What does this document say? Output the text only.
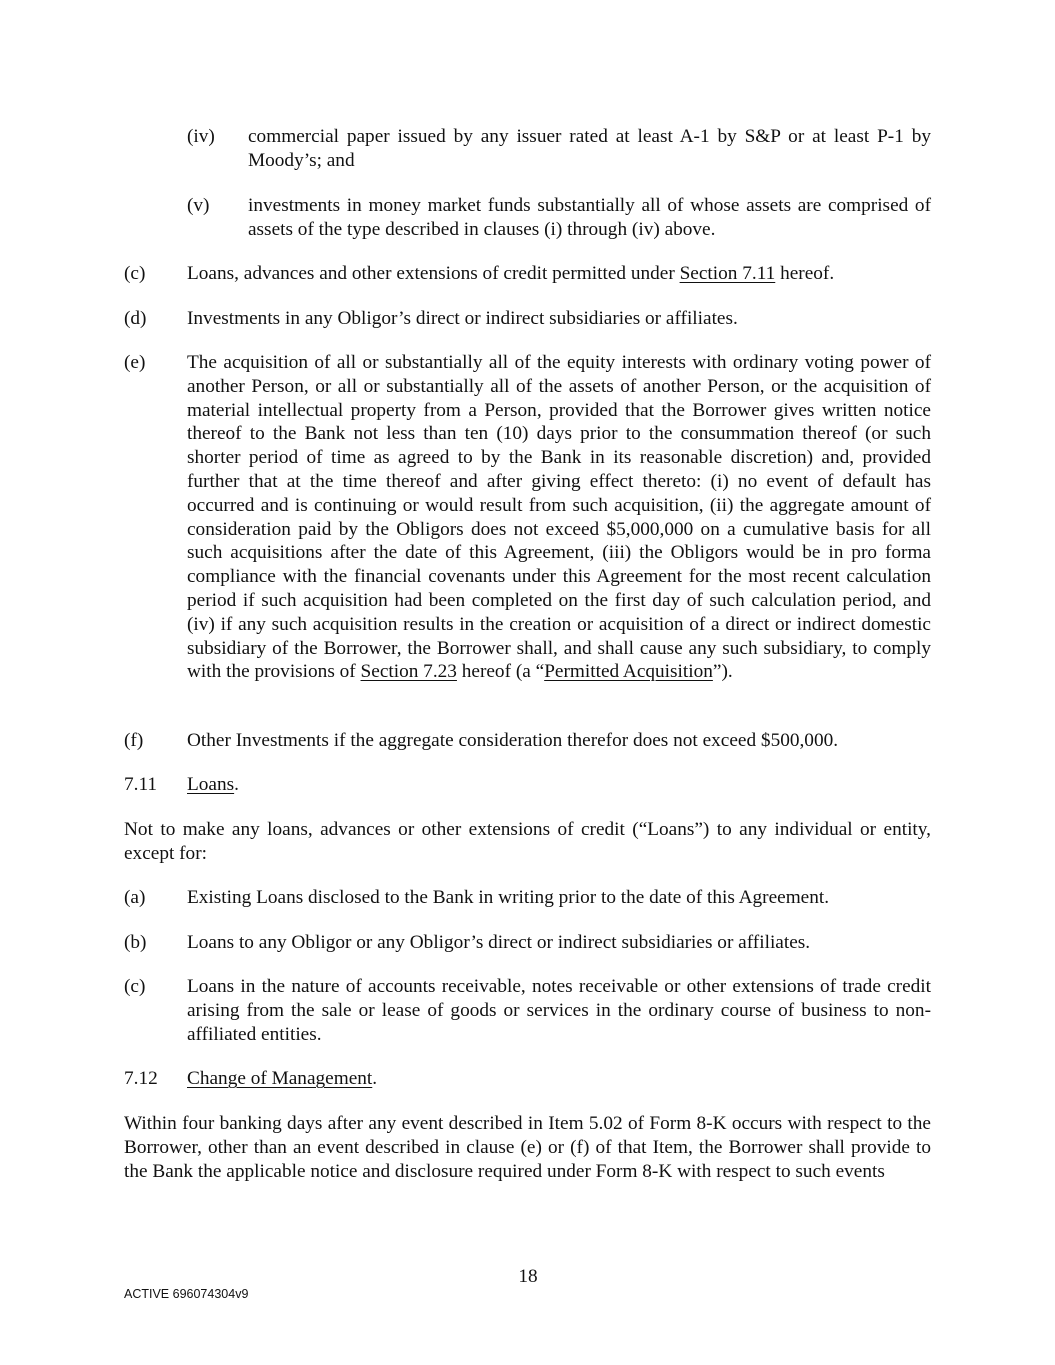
(iv) commercial paper issued by any issuer rated at least A-1 by S&P or at least P-1 by Moody’s; and
(v) investments in money market funds substantially all of whose assets are comprised of assets of the type described in clauses (i) through (iv) above.
(c) Loans, advances and other extensions of credit permitted under Section 7.11 hereof.
(d) Investments in any Obligor’s direct or indirect subsidiaries or affiliates.
(e) The acquisition of all or substantially all of the equity interests with ordinary voting power of another Person, or all or substantially all of the assets of another Person, or the acquisition of material intellectual property from a Person, provided that the Borrower gives written notice thereof to the Bank not less than ten (10) days prior to the consummation thereof (or such shorter period of time as agreed to by the Bank in its reasonable discretion) and, provided further that at the time thereof and after giving effect thereto: (i) no event of default has occurred and is continuing or would result from such acquisition, (ii) the aggregate amount of consideration paid by the Obligors does not exceed $5,000,000 on a cumulative basis for all such acquisitions after the date of this Agreement, (iii) the Obligors would be in pro forma compliance with the financial covenants under this Agreement for the most recent calculation period if such acquisition had been completed on the first day of such calculation period, and (iv) if any such acquisition results in the creation or acquisition of a direct or indirect domestic subsidiary of the Borrower, the Borrower shall, and shall cause any such subsidiary, to comply with the provisions of Section 7.23 hereof (a “Permitted Acquisition”).
(f) Other Investments if the aggregate consideration therefor does not exceed $500,000.
7.11 Loans.
Not to make any loans, advances or other extensions of credit (“Loans”) to any individual or entity, except for:
(a) Existing Loans disclosed to the Bank in writing prior to the date of this Agreement.
(b) Loans to any Obligor or any Obligor’s direct or indirect subsidiaries or affiliates.
(c) Loans in the nature of accounts receivable, notes receivable or other extensions of trade credit arising from the sale or lease of goods or services in the ordinary course of business to non-affiliated entities.
7.12 Change of Management.
Within four banking days after any event described in Item 5.02 of Form 8-K occurs with respect to the Borrower, other than an event described in clause (e) or (f) of that Item, the Borrower shall provide to the Bank the applicable notice and disclosure required under Form 8-K with respect to such events
18
ACTIVE 696074304v9
